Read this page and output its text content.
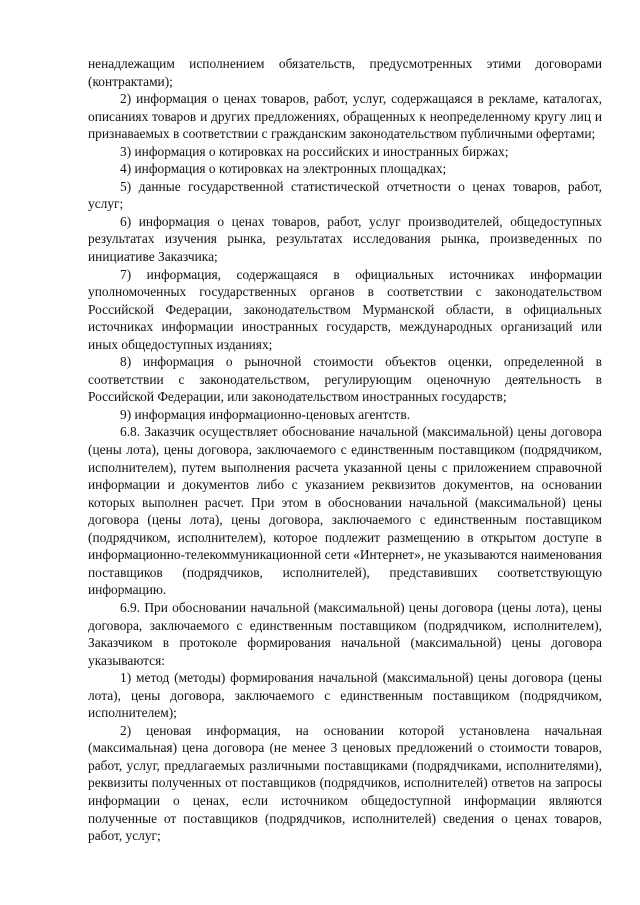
ненадлежащим исполнением обязательств, предусмотренных этими договорами (контрактами);

2) информация о ценах товаров, работ, услуг, содержащаяся в рекламе, каталогах, описаниях товаров и других предложениях, обращенных к неопределенному кругу лиц и признаваемых в соответствии с гражданским законодательством публичными офертами;

3) информация о котировках на российских и иностранных биржах;

4) информация о котировках на электронных площадках;

5) данные государственной статистической отчетности о ценах товаров, работ, услуг;

6) информация о ценах товаров, работ, услуг производителей, общедоступных результатах изучения рынка, результатах исследования рынка, произведенных по инициативе Заказчика;

7) информация, содержащаяся в официальных источниках информации уполномоченных государственных органов в соответствии с законодательством Российской Федерации, законодательством Мурманской области, в официальных источниках информации иностранных государств, международных организаций или иных общедоступных изданиях;

8) информация о рыночной стоимости объектов оценки, определенной в соответствии с законодательством, регулирующим оценочную деятельность в Российской Федерации, или законодательством иностранных государств;

9) информация информационно-ценовых агентств.

6.8. Заказчик осуществляет обоснование начальной (максимальной) цены договора (цены лота), цены договора, заключаемого с единственным поставщиком (подрядчиком, исполнителем), путем выполнения расчета указанной цены с приложением справочной информации и документов либо с указанием реквизитов документов, на основании которых выполнен расчет. При этом в обосновании начальной (максимальной) цены договора (цены лота), цены договора, заключаемого с единственным поставщиком (подрядчиком, исполнителем), которое подлежит размещению в открытом доступе в информационно-телекоммуникационной сети «Интернет», не указываются наименования поставщиков (подрядчиков, исполнителей), представивших соответствующую информацию.

6.9. При обосновании начальной (максимальной) цены договора (цены лота), цены договора, заключаемого с единственным поставщиком (подрядчиком, исполнителем), Заказчиком в протоколе формирования начальной (максимальной) цены договора указываются:

1) метод (методы) формирования начальной (максимальной) цены договора (цены лота), цены договора, заключаемого с единственным поставщиком (подрядчиком, исполнителем);

2) ценовая информация, на основании которой установлена начальная (максимальная) цена договора (не менее 3 ценовых предложений о стоимости товаров, работ, услуг, предлагаемых различными поставщиками (подрядчиками, исполнителями), реквизиты полученных от поставщиков (подрядчиков, исполнителей) ответов на запросы информации о ценах, если источником общедоступной информации являются полученные от поставщиков (подрядчиков, исполнителей) сведения о ценах товаров, работ, услуг;
